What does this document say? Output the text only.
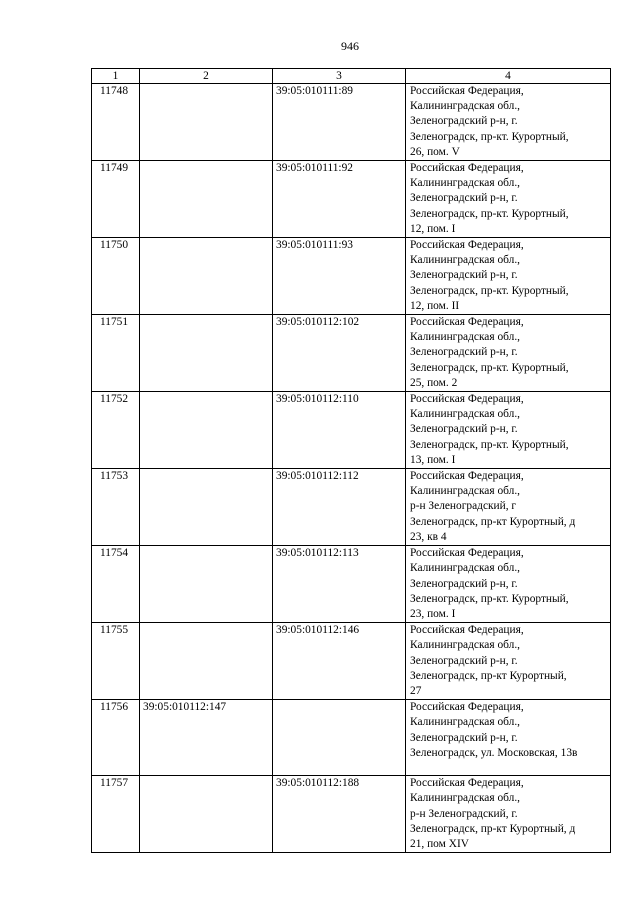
946
1	2	3	4
11748		39:05:010111:89	Российская Федерация,
Калининградская обл.,
Зеленоградский р-н, г.
Зеленоградск, пр-кт. Курортный,
26, пом. V

11749		39:05:010111:92	Российская Федерация,
Калининградская обл.,
Зеленоградский р-н, г.
Зеленоградск, пр-кт. Курортный,
12, пом. I

11750		39:05:010111:93	Российская Федерация,
Калининградская обл.,
Зеленоградский р-н, г.
Зеленоградск, пр-кт. Курортный,
12, пом. II

11751		39:05:010112:102	Российская Федерация,
Калининградская обл.,
Зеленоградский р-н, г.
Зеленоградск, пр-кт. Курортный,
25, пом. 2

11752		39:05:010112:110	Российская Федерация,
Калининградская обл.,
Зеленоградский р-н, г.
Зеленоградск, пр-кт. Курортный,
13, пом. I

11753		39:05:010112:112	Российская Федерация,
Калининградская обл.,
р-н Зеленоградский, г
Зеленоградск, пр-кт Курортный, д
23, кв 4

11754		39:05:010112:113	Российская Федерация,
Калининградская обл.,
Зеленоградский р-н, г.
Зеленоградск, пр-кт. Курортный,
23, пом. I

11755		39:05:010112:146	Российская Федерация,
Калининградская обл.,
Зеленоградский р-н, г.
Зеленоградск, пр-кт Курортный,
27

11756	39:05:010112:147		Российская Федерация,
Калининградская обл.,
Зеленоградский р-н, г.
Зеленоградск, ул. Московская, 13в

11757		39:05:010112:188	Российская Федерация,
Калининградская обл.,
р-н Зеленоградский, г.
Зеленоградск, пр-кт Курортный, д
21, пом XIV
